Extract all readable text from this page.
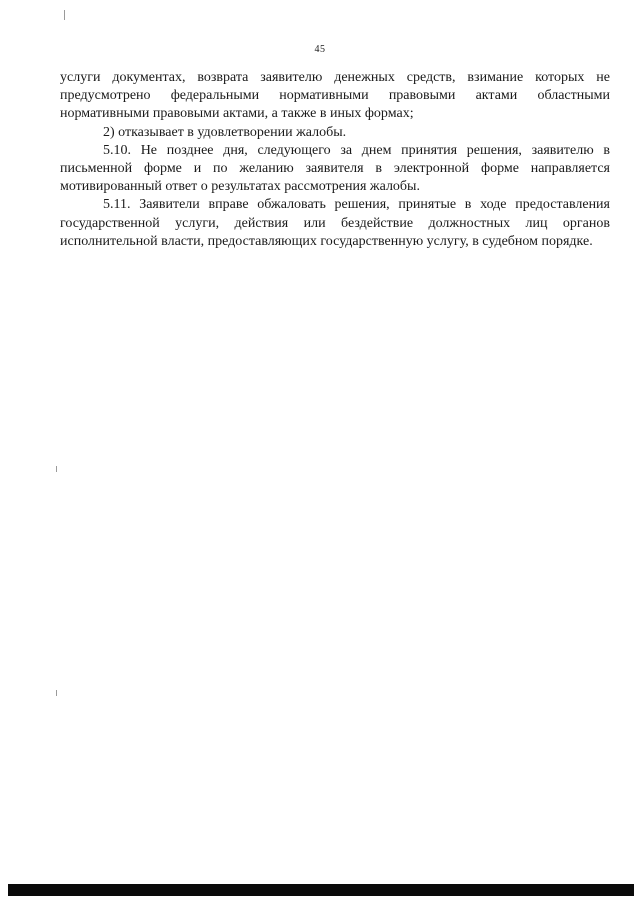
45

услуги документах, возврата заявителю денежных средств, взимание которых не предусмотрено федеральными нормативными правовыми актами областными нормативными правовыми актами, а также в иных формах;

2) отказывает в удовлетворении жалобы.

5.10. Не позднее дня, следующего за днем принятия решения, заявителю в письменной форме и по желанию заявителя в электронной форме направляется мотивированный ответ о результатах рассмотрения жалобы.

5.11. Заявители вправе обжаловать решения, принятые в ходе предоставления государственной услуги, действия или бездействие должностных лиц органов исполнительной власти, предоставляющих государственную услугу, в судебном порядке.
